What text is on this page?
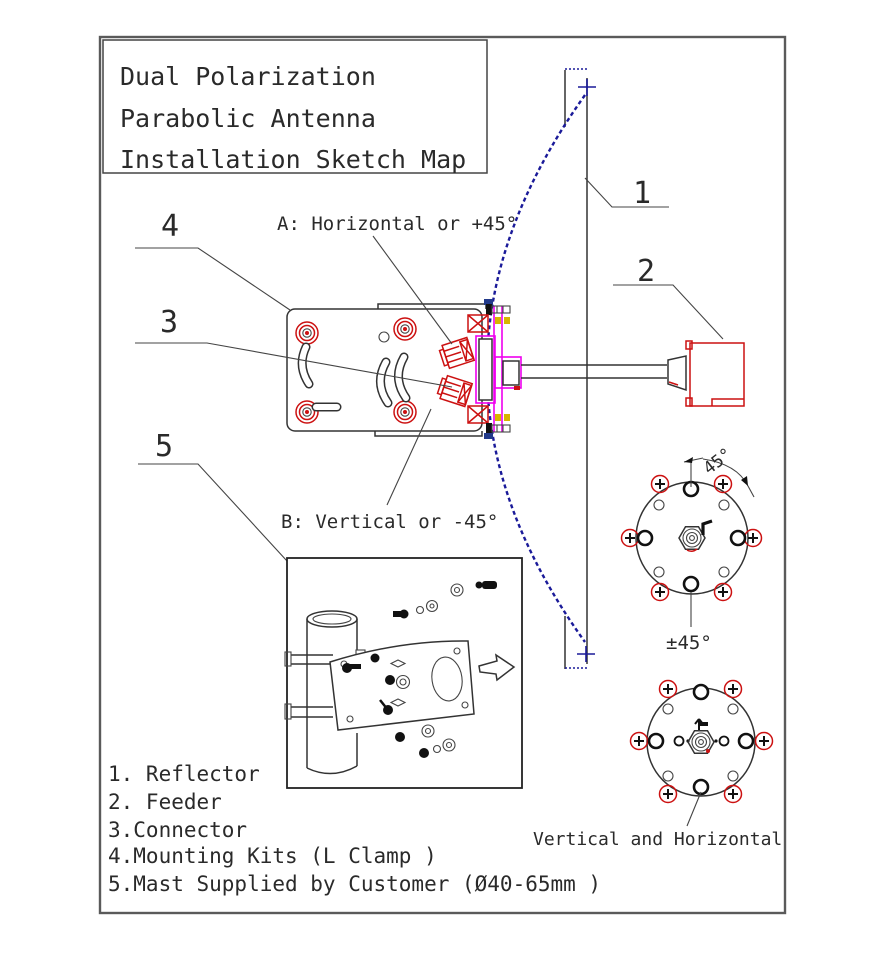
Dual Polarization
Parabolic Antenna
Installation Sketch Map
1
2
3
4
5
A: Horizontal or +45°
B: Vertical or -45°
45°
±45°
Vertical and Horizontal
1. Reflector
2. Feeder
3.Connector
4.Mounting Kits (L Clamp )
5.Mast Supplied by Customer (Ø40-65mm )
